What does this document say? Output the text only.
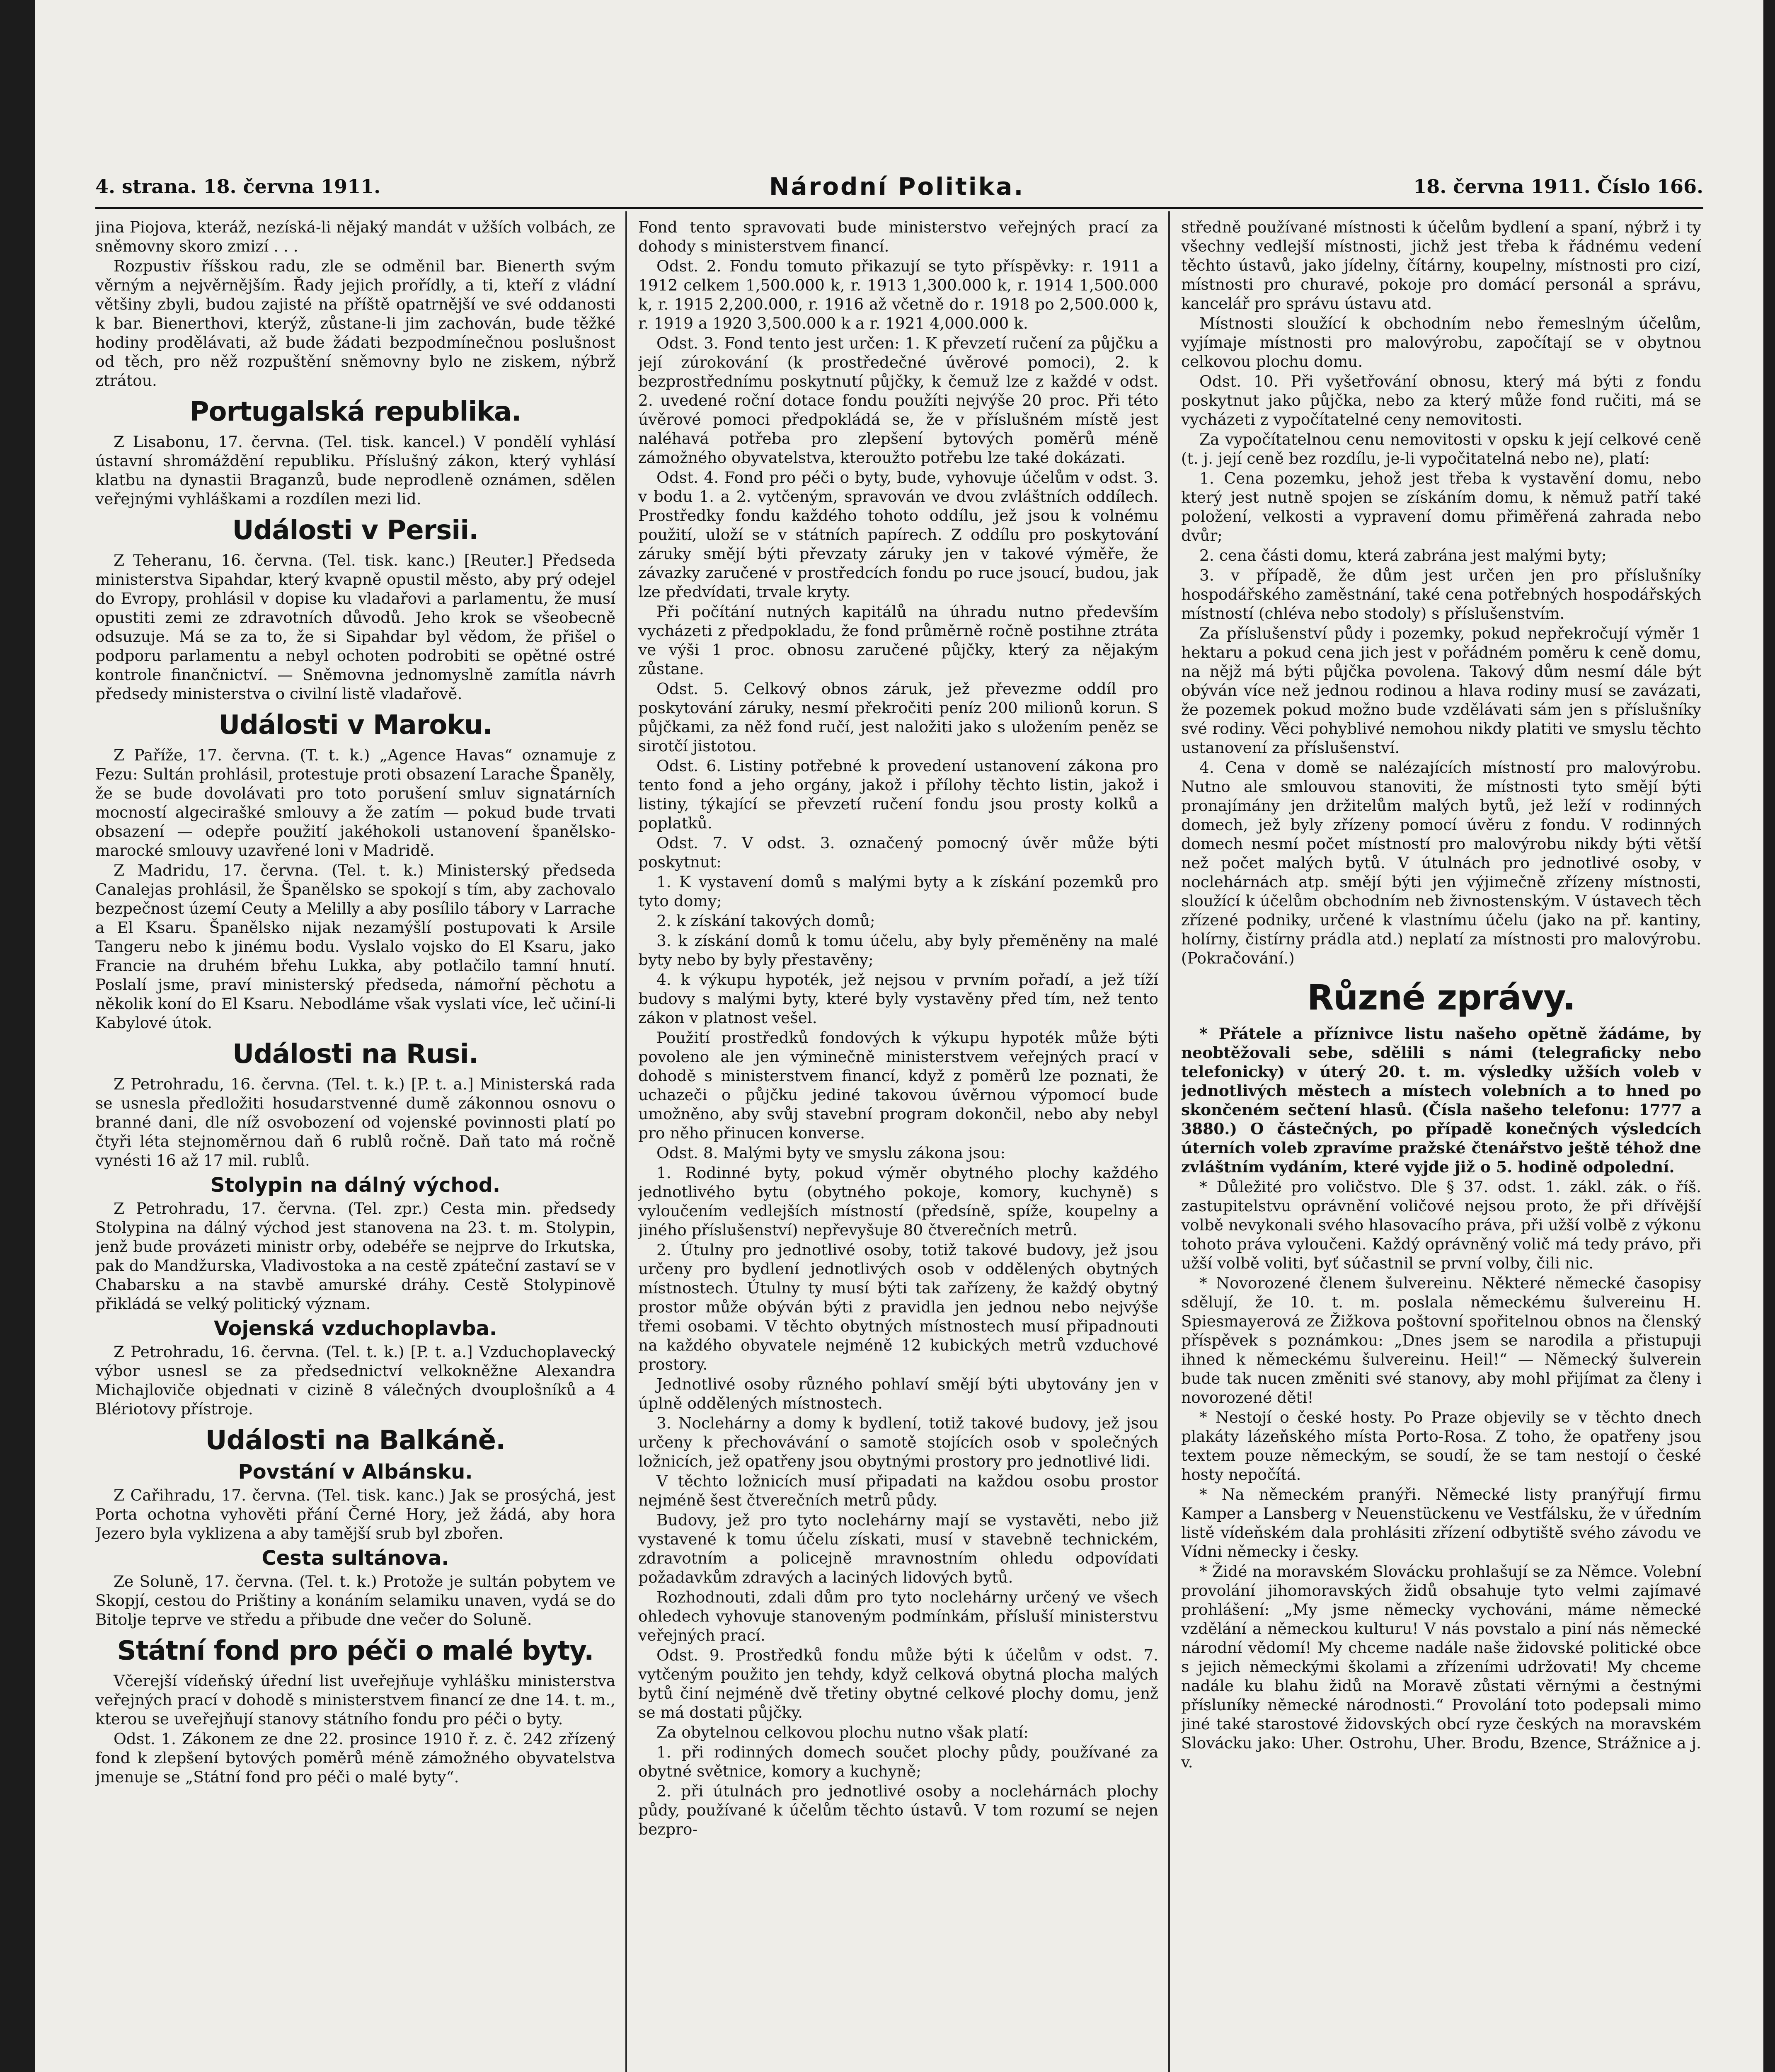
4. strana. 18. června 1911.	Národní Politika.	18. června 1911. Číslo 166.

jina Piojova, kteráž, nezíská-li nějaký mandát v užších volbách, ze sněmovny skoro zmizí . . .

Rozpustiv říšskou radu, zle se odměnil bar. Bienerth svým věrným a nejvěrnějším. Řady jejich prořídly, a ti, kteří z vládní většiny zbyli, budou zajisté na příště opatrnější ve své oddanosti k bar. Bienerthovi, kterýž, zůstane-li jim zachován, bude těžké hodiny prodělávati, až bude žádati bezpodmínečnou poslušnost od těch, pro něž rozpuštění sněmovny bylo ne ziskem, nýbrž ztrátou.

Portugalská republika.

Z Lisabonu, 17. června. (Tel. tisk. kancel.) V pondělí vyhlásí ústavní shromáždění republiku. Příslušný zákon, který vyhlásí klatbu na dynastii Braganzů, bude neprodleně oznámen, sdělen veřejnými vyhláškami a rozdílen mezi lid.

Události v Persii.

Z Teheranu, 16. června. (Tel. tisk. kanc.) [Reuter.] Předseda ministerstva Sipahdar, který kvapně opustil město, aby prý odejel do Evropy, prohlásil v dopise ku vladařovi a parlamentu, že musí opustiti zemi ze zdravotních důvodů. Jeho krok se všeobecně odsuzuje. Má se za to, že si Sipahdar byl vědom, že přišel o podporu parlamentu a nebyl ochoten podrobiti se opětné ostré kontrole finančnictví. — Sněmovna jednomyslně zamítla návrh předsedy ministerstva o civilní listě vladařově.

Události v Maroku.

Z Paříže, 17. června. (T. t. k.) „Agence Havas“ oznamuje z Fezu: Sultán prohlásil, protestuje proti obsazení Larache Španěly, že se bude dovolávati pro toto porušení smluv signatárních mocností algecirašké smlouvy a že zatím — pokud bude trvati obsazení — odepře použití jakéhokoli ustanovení španělsko-marocké smlouvy uzavřené loni v Madridě.

Z Madridu, 17. června. (Tel. t. k.) Ministerský předseda Canalejas prohlásil, že Španělsko se spokojí s tím, aby zachovalo bezpečnost území Ceuty a Melilly a aby posílilo tábory v Larrache a El Ksaru. Španělsko nijak nezamýšlí postupovati k Arsile Tangeru nebo k jinému bodu. Vyslalo vojsko do El Ksaru, jako Francie na druhém břehu Lukka, aby potlačilo tamní hnutí. Poslalí jsme, praví ministerský předseda, námořní pěchotu a několik koní do El Ksaru. Nebodláme však vyslati více, leč učiní-li Kabylové útok.

Události na Rusi.

Z Petrohradu, 16. června. (Tel. t. k.) [P. t. a.] Ministerská rada se usnesla předložiti hosudarstvenné dumě zákonnou osnovu o branné dani, dle níž osvobození od vojenské povinnosti platí po čtyři léta stejnoměrnou daň 6 rublů ročně. Daň tato má ročně vynésti 16 až 17 mil. rublů.

Stolypin na dálný východ.

Z Petrohradu, 17. června. (Tel. zpr.) Cesta min. předsedy Stolypina na dálný východ jest stanovena na 23. t. m. Stolypin, jenž bude provázeti ministr orby, odebéře se nejprve do Irkutska, pak do Mandžurska, Vladivostoka a na cestě zpáteční zastaví se v Chabarsku a na stavbě amurské dráhy. Cestě Stolypinově přikládá se velký politický význam.

Vojenská vzduchoplavba.

Z Petrohradu, 16. června. (Tel. t. k.) [P. t. a.] Vzduchoplavecký výbor usnesl se za předsednictví velkokněžne Alexandra Michajloviče objednati v cizině 8 válečných dvouplošníků a 4 Blériotovy přístroje.

Události na Balkáně.
Povstání v Albánsku.

Z Cařihradu, 17. června. (Tel. tisk. kanc.) Jak se prosýchá, jest Porta ochotna vyhověti přání Černé Hory, jež žádá, aby hora Jezero byla vyklizena a aby tamější srub byl zbořen.

Cesta sultánova.

Ze Soluně, 17. června. (Tel. t. k.) Protože je sultán pobytem ve Skopjí, cestou do Prištiny a konáním selamiku unaven, vydá se do Bitolje teprve ve středu a přibude dne večer do Soluně.

Státní fond pro péči o malé byty.

Včerejší vídeňský úřední list uveřejňuje vyhlášku ministerstva veřejných prací v dohodě s ministerstvem financí ze dne 14. t. m., kterou se uveřejňují stanovy státního fondu pro péči o byty.

Odst. 1. Zákonem ze dne 22. prosince 1910 ř. z. č. 242 zřízený fond k zlepšení bytových poměrů méně zámožného obyvatelstva jmenuje se „Státní fond pro péči o malé byty“.

Fond tento spravovati bude ministerstvo veřejných prací za dohody s ministerstvem financí.

Odst. 2. Fondu tomuto přikazují se tyto příspěvky: r. 1911 a 1912 celkem 1,500.000 k, r. 1913 1,300.000 k, r. 1914 1,500.000 k, r. 1915 2,200.000, r. 1916 až včetně do r. 1918 po 2,500.000 k, r. 1919 a 1920 3,500.000 k a r. 1921 4,000.000 k.

Odst. 3. Fond tento jest určen: 1. K převzetí ručení za půjčku a její zúrokování (k prostředečné úvěrové pomoci), 2. k bezprostřednímu poskytnutí půjčky, k čemuž lze z každé v odst. 2. uvedené roční dotace fondu použíti nejvýše 20 proc. Při této úvěrové pomoci předpokládá se, že v příslušném místě jest naléhavá potřeba pro zlepšení bytových poměrů méně zámožného obyvatelstva, kteroužto potřebu lze také dokázati.

Odst. 4. Fond pro péči o byty, bude, vyhovuje účelům v odst. 3. v bodu 1. a 2. vytčeným, spravován ve dvou zvláštních oddílech. Prostředky fondu každého tohoto oddílu, jež jsou k volnému použití, uloží se v státních papírech. Z oddílu pro poskytování záruky smějí býti převzaty záruky jen v takové výměře, že závazky zaručené v prostředcích fondu po ruce jsoucí, budou, jak lze předvídati, trvale kryty.

Při počítání nutných kapitálů na úhradu nutno především vycházeti z předpokladu, že fond průměrně ročně postihne ztráta ve výši 1 proc. obnosu zaručené půjčky, který za nějakým zůstane.

Odst. 5. Celkový obnos záruk, jež převezme oddíl pro poskytování záruky, nesmí překročiti peníz 200 milionů korun. S půjčkami, za něž fond ručí, jest naložiti jako s uložením peněz se sirotčí jistotou.

Odst. 6. Listiny potřebné k provedení ustanovení zákona pro tento fond a jeho orgány, jakož i přílohy těchto listin, jakož i listiny, týkající se převzetí ručení fondu jsou prosty kolků a poplatků.

Odst. 7. V odst. 3. označený pomocný úvěr může býti poskytnut:

1. K vystavení domů s malými byty a k získání pozemků pro tyto domy;

2. k získání takových domů;

3. k získání domů k tomu účelu, aby byly přeměněny na malé byty nebo by byly přestavěny;

4. k výkupu hypoték, jež nejsou v prvním pořadí, a jež tíží budovy s malými byty, které byly vystavěny před tím, než tento zákon v platnost vešel.

Použití prostředků fondových k výkupu hypoték může býti povoleno ale jen výminečně ministerstvem veřejných prací v dohodě s ministerstvem financí, když z poměrů lze poznati, že uchazeči o půjčku jediné takovou úvěrnou výpomocí bude umožněno, aby svůj stavební program dokončil, nebo aby nebyl pro něho přinucen konverse.

Odst. 8. Malými byty ve smyslu zákona jsou:

1. Rodinné byty, pokud výměr obytného plochy každého jednotlivého bytu (obytného pokoje, komory, kuchyně) s vyloučením vedlejších místností (předsíně, spíže, koupelny a jiného příslušenství) nepřevyšuje 80 čtverečních metrů.

2. Útulny pro jednotlivé osoby, totiž takové budovy, jež jsou určeny pro bydlení jednotlivých osob v oddělených obytných místnostech. Útulny ty musí býti tak zařízeny, že každý obytný prostor může obýván býti z pravidla jen jednou nebo nejvýše třemi osobami. V těchto obytných místnostech musí připadnouti na každého obyvatele nejméně 12 kubických metrů vzduchové prostory.

Jednotlivé osoby různého pohlaví smějí býti ubytovány jen v úplně oddělených místnostech.

3. Noclehárny a domy k bydlení, totiž takové budovy, jež jsou určeny k přechovávání o samotě stojících osob v společných ložnicích, jež opatřeny jsou obytnými prostory pro jednotlivé lidi.

V těchto ložnicích musí připadati na každou osobu prostor nejméně šest čtverečních metrů půdy.

Budovy, jež pro tyto noclehárny mají se vystavěti, nebo již vystavené k tomu účelu získati, musí v stavebně technickém, zdravotním a policejně mravnostním ohledu odpovídati požadavkům zdravých a laciných lidových bytů.

Rozhodnouti, zdali dům pro tyto noclehárny určený ve všech ohledech vyhovuje stanoveným podmínkám, přísluší ministerstvu veřejných prací.

Odst. 9. Prostředků fondu může býti k účelům v odst. 7. vytčeným použito jen tehdy, když celková obytná plocha malých bytů činí nejméně dvě třetiny obytné celkové plochy domu, jenž se má dostati půjčky.

Za obytelnou celkovou plochu nutno však platí:

1. při rodinných domech součet plochy půdy, používané za obytné světnice, komory a kuchyně;

2. při útulnách pro jednotlivé osoby a noclehárnách plochy půdy, používané k účelům těchto ústavů. V tom rozumí se nejen bezpro-

středně používané místnosti k účelům bydlení a spaní, nýbrž i ty všechny vedlejší místnosti, jichž jest třeba k řádnému vedení těchto ústavů, jako jídelny, čítárny, koupelny, místnosti pro cizí, místnosti pro churavé, pokoje pro domácí personál a správu, kancelář pro správu ústavu atd.

Místnosti sloužící k obchodním nebo řemeslným účelům, vyjímaje místnosti pro malovýrobu, započítají se v obytnou celkovou plochu domu.

Odst. 10. Při vyšetřování obnosu, který má býti z fondu poskytnut jako půjčka, nebo za který může fond ručiti, má se vycházeti z vypočítatelné ceny nemovitosti.

Za vypočítatelnou cenu nemovitosti v opsku k její celkové ceně (t. j. její ceně bez rozdílu, je-li vypočitatelná nebo ne), platí:

1. Cena pozemku, jehož jest třeba k vystavění domu, nebo který jest nutně spojen se získáním domu, k němuž patří také položení, velkosti a vypravení domu přiměřená zahrada nebo dvůr;

2. cena části domu, která zabrána jest malými byty;

3. v případě, že dům jest určen jen pro příslušníky hospodářského zaměstnání, také cena potřebných hospodářských místností (chléva nebo stodoly) s příslušenstvím.

Za příslušenství půdy i pozemky, pokud nepřekročují výměr 1 hektaru a pokud cena jich jest v pořádném poměru k ceně domu, na nějž má býti půjčka povolena. Takový dům nesmí dále být obýván více než jednou rodinou a hlava rodiny musí se zavázati, že pozemek pokud možno bude vzdělávati sám jen s příslušníky své rodiny. Věci pohyblivé nemohou nikdy platiti ve smyslu těchto ustanovení za příslušenství.

4. Cena v domě se nalézajících místností pro malovýrobu. Nutno ale smlouvou stanoviti, že místnosti tyto smějí býti pronajímány jen držitelům malých bytů, jež leží v rodinných domech, jež byly zřízeny pomocí úvěru z fondu. V rodinných domech nesmí počet místností pro malovýrobu nikdy býti větší než počet malých bytů. V útulnách pro jednotlivé osoby, v noclehárnách atp. smějí býti jen výjimečně zřízeny místnosti, sloužící k účelům obchodním neb živnostenským. V ústavech těch zřízené podniky, určené k vlastnímu účelu (jako na př. kantiny, holírny, čistírny prádla atd.) neplatí za místnosti pro malovýrobu. (Pokračování.)

Různé zprávy.

* Přátele a příznivce listu našeho opětně žádáme, by neobtěžovali sebe, sdělili s námi (telegraficky nebo telefonicky) v úterý 20. t. m. výsledky užších voleb v jednotlivých městech a místech volebních a to hned po skončeném sečtení hlasů. (Čísla našeho telefonu: 1777 a 3880.) O částečných, po případě konečných výsledcích úterních voleb zpravíme pražské čtenářstvo ještě téhož dne zvláštním vydáním, které vyjde již o 5. hodině odpolední.

* Důležité pro voličstvo. Dle § 37. odst. 1. zákl. zák. o říš. zastupitelstvu oprávnění voličové nejsou proto, že při dřívější volbě nevykonali svého hlasovacího práva, při užší volbě z výkonu tohoto práva vyloučeni. Každý oprávněný volič má tedy právo, při užší volbě voliti, byť súčastnil se první volby, čili nic.

* Novorozené členem šulvereinu. Některé německé časopisy sdělují, že 10. t. m. poslala německému šulvereinu H. Spiesmayerová ze Žižkova poštovní spořitelnou obnos na členský příspěvek s poznámkou: „Dnes jsem se narodila a přistupuji ihned k německému šulvereinu. Heil!“ — Německý šulverein bude tak nucen změniti své stanovy, aby mohl přijímat za členy i novorozené děti!

* Nestojí o české hosty. Po Praze objevily se v těchto dnech plakáty lázeňského místa Porto-Rosa. Z toho, že opatřeny jsou textem pouze německým, se soudí, že se tam nestojí o české hosty nepočítá.

* Na německém pranýři. Německé listy pranýřují firmu Kamper a Lansberg v Neuenstückenu ve Vestfálsku, že v úředním listě vídeňském dala prohlásiti zřízení odbytiště svého závodu ve Vídni německy i česky.

* Židé na moravském Slovácku prohlašují se za Němce. Volební provolání jihomoravských židů obsahuje tyto velmi zajímavé prohlášení: „My jsme německy vychováni, máme německé vzdělání a německou kulturu! V nás povstalo a piní nás německé národní vědomí! My chceme nadále naše židovské politické obce s jejich německými školami a zřízeními udržovati! My chceme nadále ku blahu židů na Moravě zůstati věrnými a čestnými přísluníky německé národnosti.“ Provolání toto podepsali mimo jiné také starostové židovských obcí ryze českých na moravském Slovácku jako: Uher. Ostrohu, Uher. Brodu, Bzence, Strážnice a j. v.
